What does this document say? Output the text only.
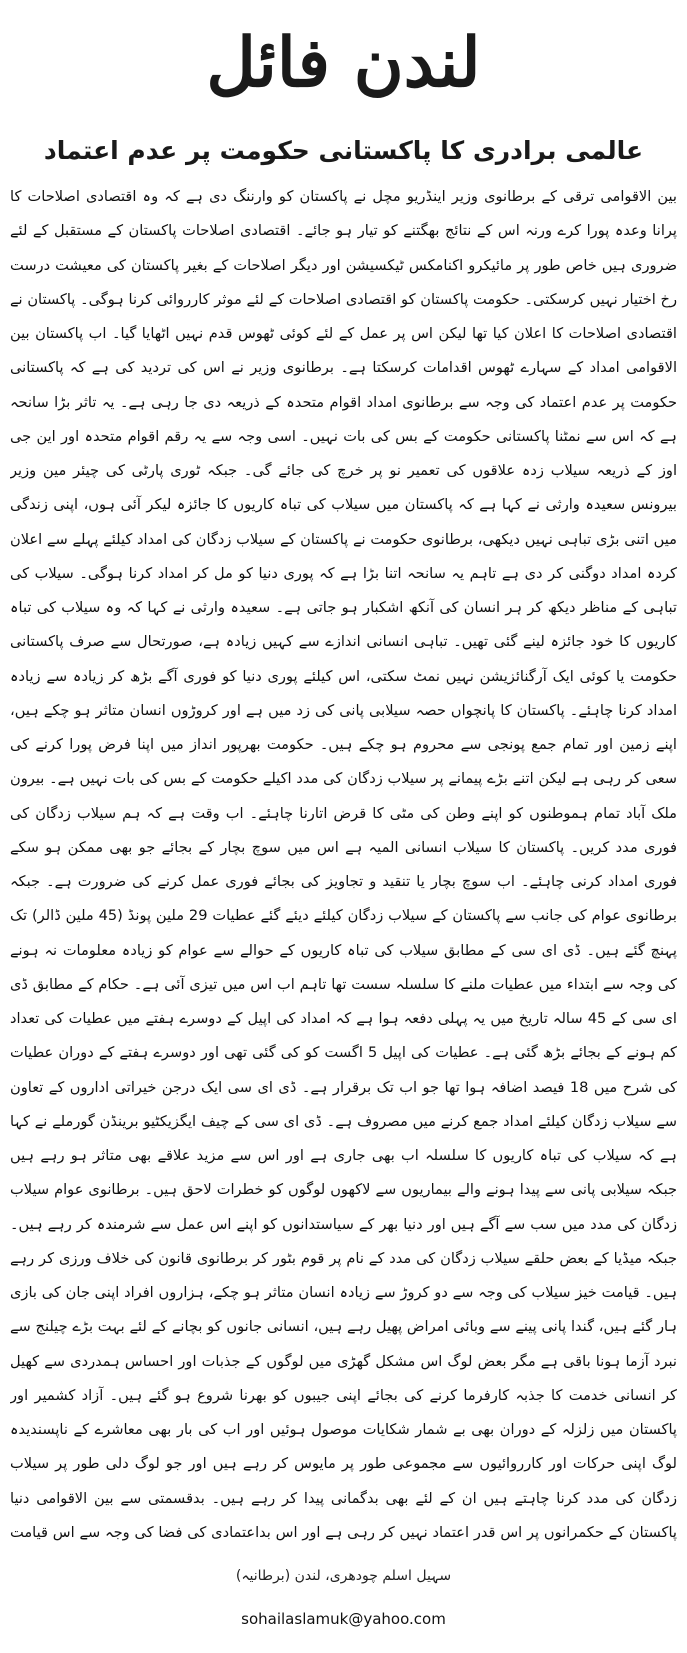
لندن فائل
عالمی برادری کا پاکستانی حکومت پر عدم اعتماد
بین الاقوامی ترقی کے برطانوی وزیر اینڈریو مچل نے پاکستان کو وارننگ دی ہے کہ وہ اقتصادی اصلاحات کا پرانا وعدہ پورا کرے ورنہ اس کے نتائج بھگتنے کو تیار ہو جائے۔ اقتصادی اصلاحات پاکستان کے مستقبل کے لئے ضروری ہیں خاص طور پر مائیکرو اکنامکس ٹیکسیشن اور دیگر اصلاحات کے بغیر پاکستان کی معیشت درست رخ اختیار نہیں کرسکتی۔ حکومت پاکستان کو اقتصادی اصلاحات کے لئے موثر کارروائی کرنا ہوگی۔ پاکستان نے اقتصادی اصلاحات کا اعلان کیا تھا لیکن اس پر عمل کے لئے کوئی ٹھوس قدم نہیں اٹھایا گیا۔ اب پاکستان بین الاقوامی امداد کے سہارے ٹھوس اقدامات کرسکتا ہے۔ برطانوی وزیر نے اس کی تردید کی ہے کہ پاکستانی حکومت پر عدم اعتماد کی وجہ سے برطانوی امداد اقوام متحدہ کے ذریعہ دی جا رہی ہے۔ یہ تاثر بڑا سانحہ ہے کہ اس سے نمٹنا پاکستانی حکومت کے بس کی بات نہیں۔ اسی وجہ سے یہ رقم اقوام متحدہ اور این جی اوز کے ذریعہ سیلاب زدہ علاقوں کی تعمیر نو پر خرچ کی جائے گی۔ جبکہ ٹوری پارٹی کی چیئر مین وزیر بیرونس سعیدہ وارثی نے کہا ہے کہ پاکستان میں سیلاب کی تباہ کاریوں کا جائزہ لیکر آئی ہوں، اپنی زندگی میں اتنی بڑی تباہی نہیں دیکھی، برطانوی حکومت نے پاکستان کے سیلاب زدگان کی امداد کیلئے پہلے سے اعلان کردہ امداد دوگنی کر دی ہے تاہم یہ سانحہ اتنا بڑا ہے کہ پوری دنیا کو مل کر امداد کرنا ہوگی۔ سیلاب کی تباہی کے مناظر دیکھ کر ہر انسان کی آنکھ اشکبار ہو جاتی ہے۔ سعیدہ وارثی نے کہا کہ وہ سیلاب کی تباہ کاریوں کا خود جائزہ لینے گئی تھیں۔ تباہی انسانی اندازے سے کہیں زیادہ ہے، صورتحال سے صرف پاکستانی حکومت یا کوئی ایک آرگنائزیشن نہیں نمٹ سکتی، اس کیلئے پوری دنیا کو فوری آگے بڑھ کر زیادہ سے زیادہ امداد کرنا چاہئے۔ پاکستان کا پانچواں حصہ سیلابی پانی کی زد میں ہے اور کروڑوں انسان متاثر ہو چکے ہیں، اپنے زمین اور تمام جمع پونجی سے محروم ہو چکے ہیں۔ حکومت بھرپور انداز میں اپنا فرض پورا کرنے کی سعی کر رہی ہے لیکن اتنے بڑے پیمانے پر سیلاب زدگان کی مدد اکیلے حکومت کے بس کی بات نہیں ہے۔ بیرون ملک آباد تمام ہموطنوں کو اپنے وطن کی مٹی کا قرض اتارنا چاہئے۔ اب وقت ہے کہ ہم سیلاب زدگان کی فوری مدد کریں۔ پاکستان کا سیلاب انسانی المیہ ہے اس میں سوچ بچار کے بجائے جو بھی ممکن ہو سکے فوری امداد کرنی چاہئے۔ اب سوچ بچار یا تنقید و تجاویز کی بجائے فوری عمل کرنے کی ضرورت ہے۔ جبکہ برطانوی عوام کی جانب سے پاکستان کے سیلاب زدگان کیلئے دیئے گئے عطیات 29 ملین پونڈ (45 ملین ڈالر) تک پہنچ گئے ہیں۔ ڈی ای سی کے مطابق سیلاب کی تباہ کاریوں کے حوالے سے عوام کو زیادہ معلومات نہ ہونے کی وجہ سے ابتداء میں عطیات ملنے کا سلسلہ سست تھا تاہم اب اس میں تیزی آئی ہے۔ حکام کے مطابق ڈی ای سی کے 45 سالہ تاریخ میں یہ پہلی دفعہ ہوا ہے کہ امداد کی اپیل کے دوسرے ہفتے میں عطیات کی تعداد کم ہونے کے بجائے بڑھ گئی ہے۔ عطیات کی اپیل 5 اگست کو کی گئی تھی اور دوسرے ہفتے کے دوران عطیات کی شرح میں 18 فیصد اضافہ ہوا تھا جو اب تک برقرار ہے۔ ڈی ای سی ایک درجن خیراتی اداروں کے تعاون سے سیلاب زدگان کیلئے امداد جمع کرنے میں مصروف ہے۔ ڈی ای سی کے چیف ایگزیکٹیو برینڈن گورملے نے کہا ہے کہ سیلاب کی تباہ کاریوں کا سلسلہ اب بھی جاری ہے اور اس سے مزید علاقے بھی متاثر ہو رہے ہیں جبکہ سیلابی پانی سے پیدا ہونے والے بیماریوں سے لاکھوں لوگوں کو خطرات لاحق ہیں۔ برطانوی عوام سیلاب زدگان کی مدد میں سب سے آگے ہیں اور دنیا بھر کے سیاستدانوں کو اپنے اس عمل سے شرمندہ کر رہے ہیں۔ جبکہ میڈیا کے بعض حلقے سیلاب زدگان کی مدد کے نام پر قوم بٹور کر برطانوی قانون کی خلاف ورزی کر رہے ہیں۔ قیامت خیز سیلاب کی وجہ سے دو کروڑ سے زیادہ انسان متاثر ہو چکے، ہزاروں افراد اپنی جان کی بازی ہار گئے ہیں، گندا پانی پینے سے وبائی امراض پھیل رہے ہیں، انسانی جانوں کو بچانے کے لئے بہت بڑے چیلنج سے نبرد آزما ہونا باقی ہے مگر بعض لوگ اس مشکل گھڑی میں لوگوں کے جذبات اور احساس ہمدردی سے کھیل کر انسانی خدمت کا جذبہ کارفرما کرنے کی بجائے اپنی جیبوں کو بھرنا شروع ہو گئے ہیں۔ آزاد کشمیر اور پاکستان میں زلزلہ کے دوران بھی بے شمار شکایات موصول ہوئیں اور اب کی بار بھی معاشرے کے ناپسندیدہ لوگ اپنی حرکات اور کارروائیوں سے مجموعی طور پر مایوس کر رہے ہیں اور جو لوگ دلی طور پر سیلاب زدگان کی مدد کرنا چاہتے ہیں ان کے لئے بھی بدگمانی پیدا کر رہے ہیں۔ بدقسمتی سے بین الاقوامی دنیا پاکستان کے حکمرانوں پر اس قدر اعتماد نہیں کر رہی ہے اور اس بداعتمادی کی فضا کی وجہ سے اس قیامت
سہیل اسلم چودھری، لندن (برطانیہ)
sohailaslamuk@yahoo.com
